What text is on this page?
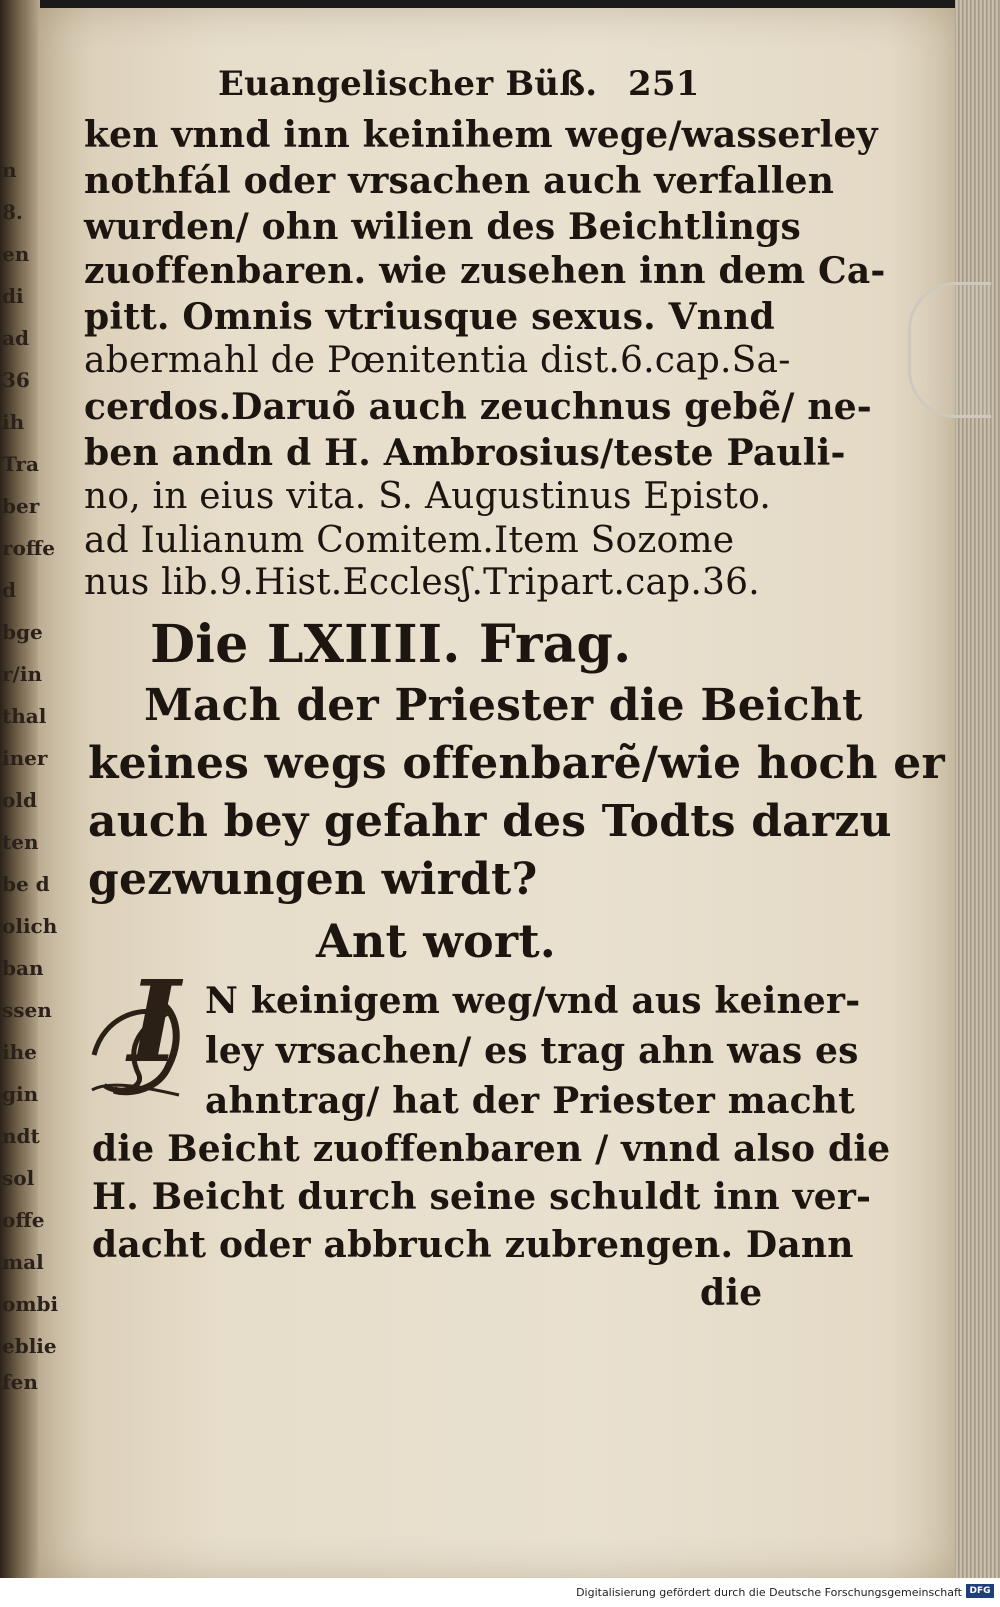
n
8.
en
di
ad
36
ih
Tra
ber
roffe
d
bge
r/in
thal
iner
old
ten
be d
olich
ban
ssen
ihe
gin
ndt
sol
offe
mal
ombi
eblie
fen
Euangelischer Büß. 251
ken vnnd inn keinihem wege/wasserley
nothfál oder vrsachen auch verfallen
wurden/ ohn wilien des Beichtlings
zuoffenbaren. wie zusehen inn dem Ca-
pitt. Omnis vtriusque sexus. Vnnd
abermahl de Pœnitentia dist.6.cap.Sa-
cerdos.Daruõ auch zeuchnus gebẽ/ ne-
ben andn d H. Ambrosius/teste Pauli-
no, in eius vita. S. Augustinus Episto.
ad Iulianum Comitem.Item Sozome
nus lib.9.Hist.Ecclesʃ.Tripart.cap.36.
Die LXIIII. Frag.
Mach der Priester die Beicht
keines wegs offenbarẽ/wie hoch er
auch bey gefahr des Todts darzu
gezwungen wirdt?
Ant wort.
I N keinigem weg/vnd aus keiner-
ley vrsachen/ es trag ahn was es
ahntrag/ hat der Priester macht
die Beicht zuoffenbaren / vnnd also die
H. Beicht durch seine schuldt inn ver-
dacht oder abbruch zubrengen. Dann
die
Digitalisierung gefördert durch die Deutsche Forschungsgemeinschaft DFG
